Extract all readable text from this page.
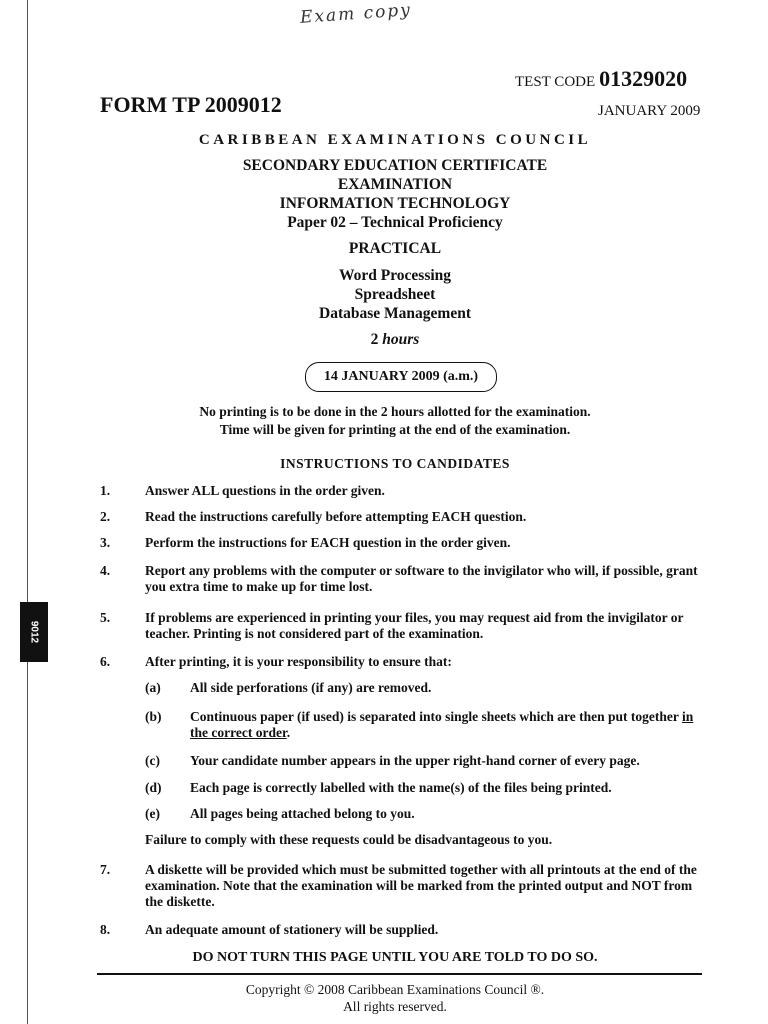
9012
Exam copy
TEST CODE 01329020
FORM TP 2009012	JANUARY 2009
CARIBBEAN EXAMINATIONS COUNCIL
SECONDARY EDUCATION CERTIFICATE
EXAMINATION
INFORMATION TECHNOLOGY
Paper 02 – Technical Proficiency
PRACTICAL
Word Processing
Spreadsheet
Database Management
2 hours
14 JANUARY 2009 (a.m.)
No printing is to be done in the 2 hours allotted for the examination.
Time will be given for printing at the end of the examination.
INSTRUCTIONS TO CANDIDATES
1.	Answer ALL questions in the order given.
2.	Read the instructions carefully before attempting EACH question.
3.	Perform the instructions for EACH question in the order given.
4.	Report any problems with the computer or software to the invigilator who will, if possible, grant you extra time to make up for time lost.
5.	If problems are experienced in printing your files, you may request aid from the invigilator or teacher. Printing is not considered part of the examination.
6.	After printing, it is your responsibility to ensure that:
(a) All side perforations (if any) are removed.
(b) Continuous paper (if used) is separated into single sheets which are then put together in the correct order.
(c) Your candidate number appears in the upper right-hand corner of every page.
(d) Each page is correctly labelled with the name(s) of the files being printed.
(e) All pages being attached belong to you.
Failure to comply with these requests could be disadvantageous to you.
7.	A diskette will be provided which must be submitted together with all printouts at the end of the examination. Note that the examination will be marked from the printed output and NOT from the diskette.
8.	An adequate amount of stationery will be supplied.
DO NOT TURN THIS PAGE UNTIL YOU ARE TOLD TO DO SO.
Copyright © 2008 Caribbean Examinations Council ®.
All rights reserved.
